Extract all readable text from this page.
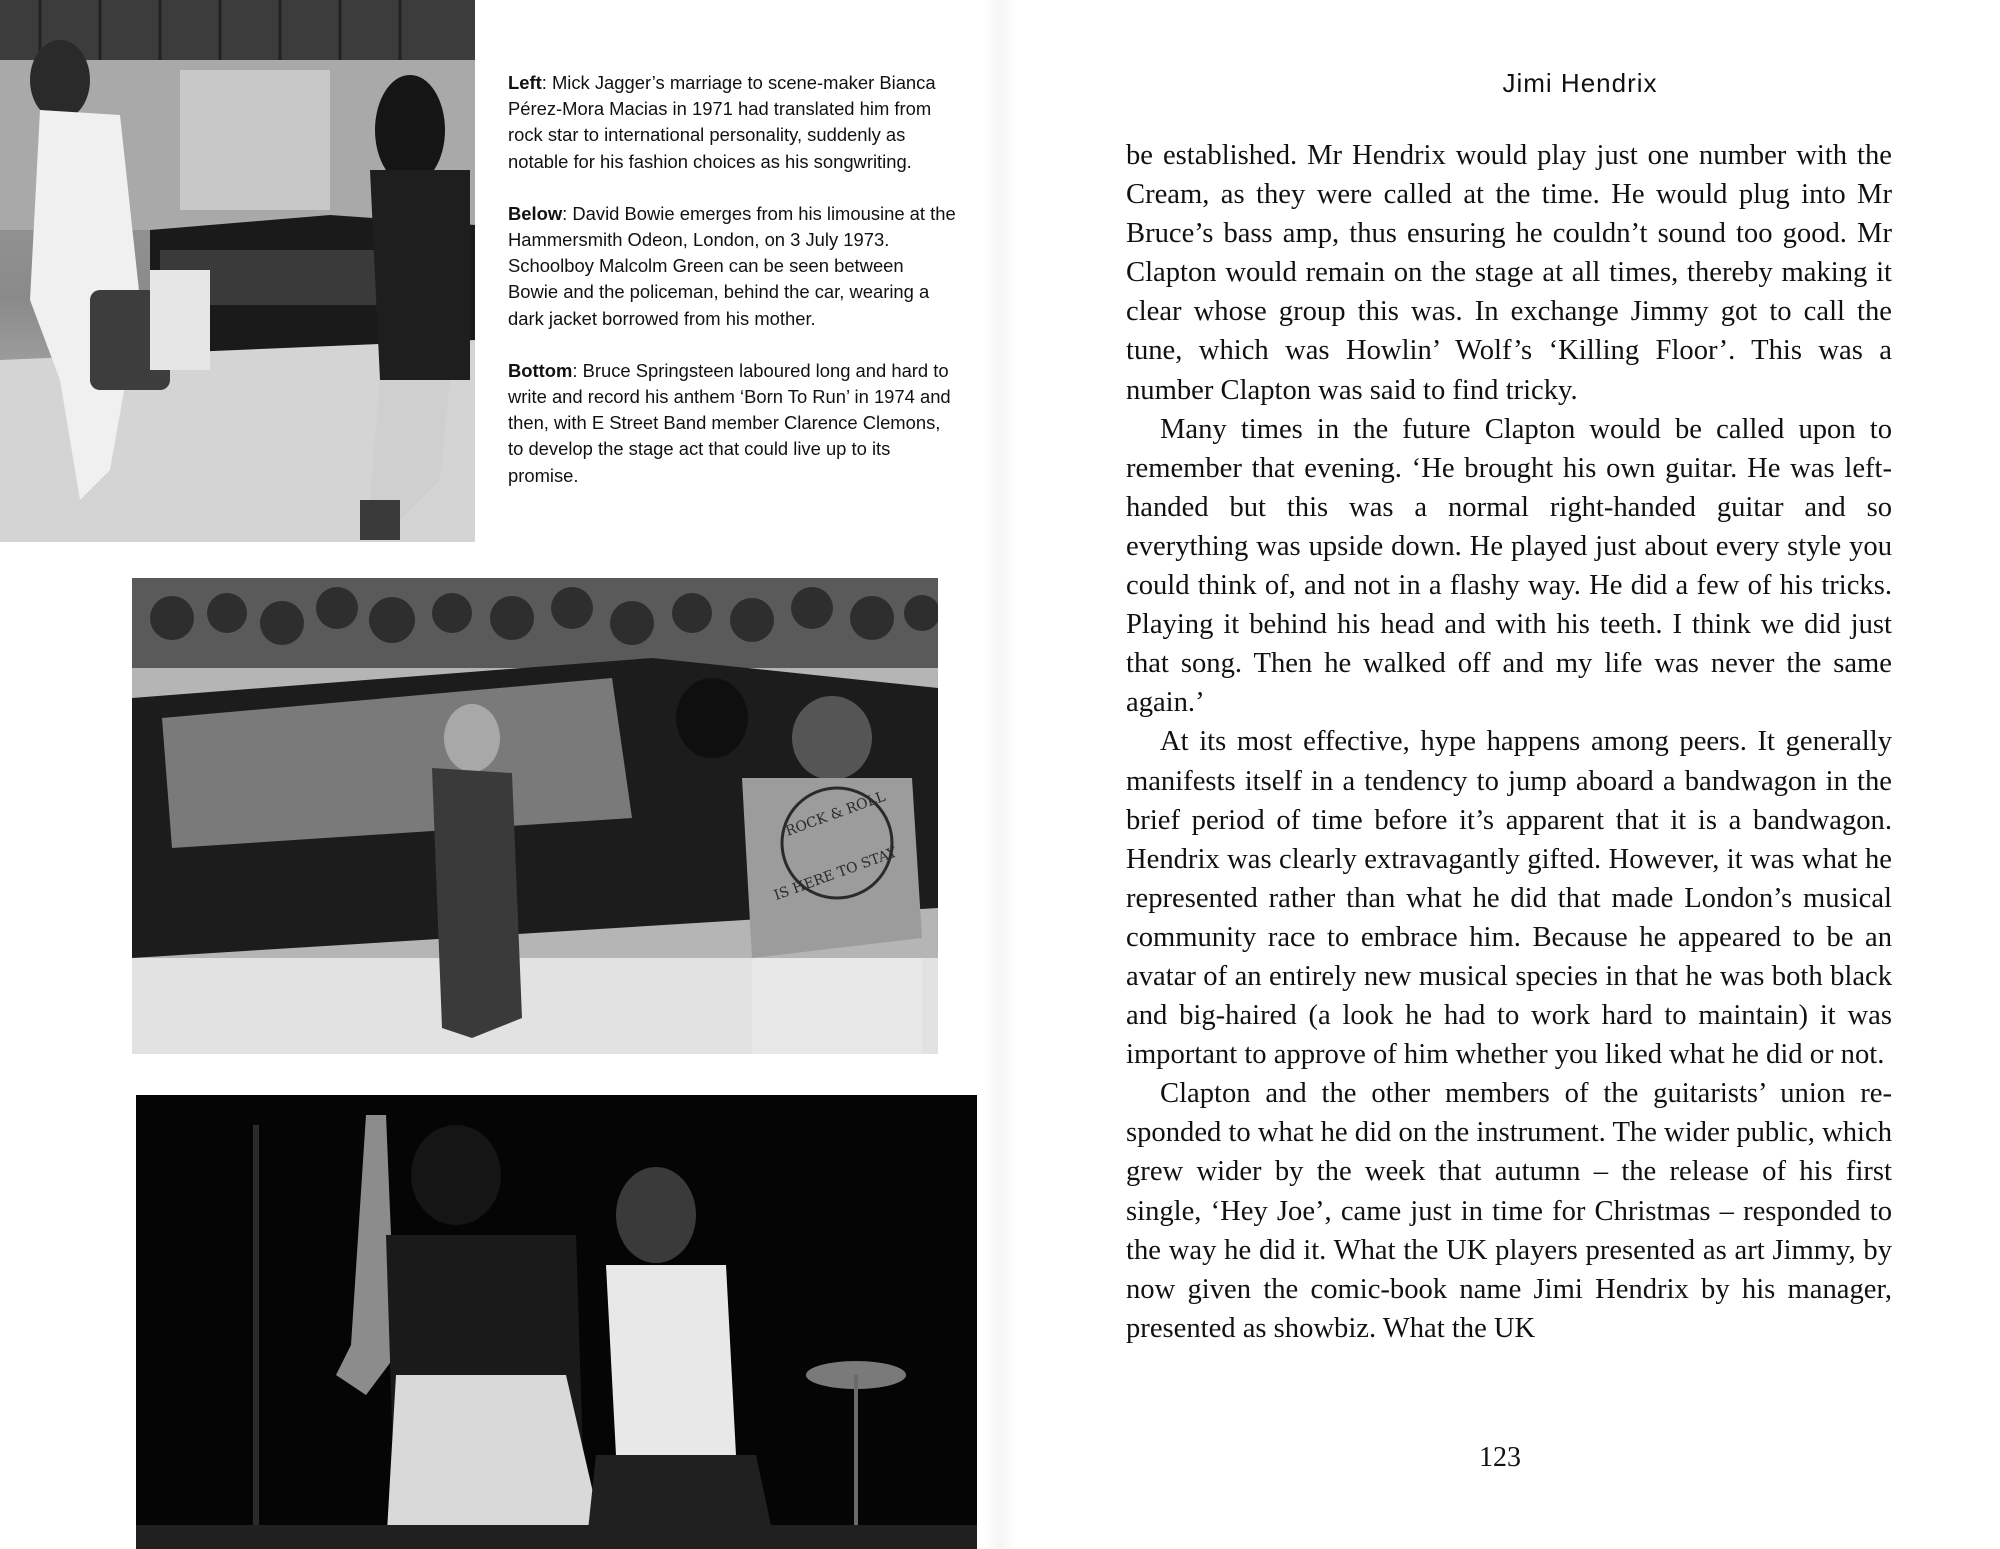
Left: Mick Jagger’s marriage to scene-maker Bianca Pérez-Mora Macias in 1971 had translated him from rock star to international personality, suddenly as notable for his fashion choices as his songwriting.

Below: David Bowie emerges from his limousine at the Hammersmith Odeon, London, on 3 July 1973. Schoolboy Malcolm Green can be seen between Bowie and the policeman, behind the car, wearing a dark jacket borrowed from his mother.

Bottom: Bruce Springsteen laboured long and hard to write and record his anthem ‘Born To Run’ in 1974 and then, with E Street Band member Clarence Clemons, to develop the stage act that could live up to its promise.

ROCK & ROLL
IS HERE TO STAY
Jimi Hendrix

be established. Mr Hendrix would play just one number with the Cream, as they were called at the time. He would plug into Mr Bruce’s bass amp, thus ensuring he couldn’t sound too good. Mr Clapton would remain on the stage at all times, thereby making it clear whose group this was. In exchange Jimmy got to call the tune, which was Howlin’ Wolf’s ‘Killing Floor’. This was a number Clapton was said to find tricky.

Many times in the future Clapton would be called upon to remember that evening. ‘He brought his own guitar. He was left-handed but this was a normal right-handed guitar and so everything was upside down. He played just about every style you could think of, and not in a flashy way. He did a few of his tricks. Playing it behind his head and with his teeth. I think we did just that song. Then he walked off and my life was never the same again.’

At its most effective, hype happens among peers. It generally manifests itself in a tendency to jump aboard a bandwagon in the brief period of time before it’s apparent that it is a bandwagon. Hendrix was clearly extravagantly gifted. However, it was what he represented rather than what he did that made London’s musical community race to embrace him. Because he appeared to be an avatar of an entirely new musical species in that he was both black and big-haired (a look he had to work hard to maintain) it was important to approve of him whether you liked what he did or not.

Clapton and the other members of the guitarists’ union responded to what he did on the instrument. The wider public, which grew wider by the week that autumn – the release of his first single, ‘Hey Joe’, came just in time for Christmas – responded to the way he did it. What the UK players presented as art Jimmy, by now given the comic-book name Jimi Hendrix by his manager, presented as showbiz. What the UK

123
